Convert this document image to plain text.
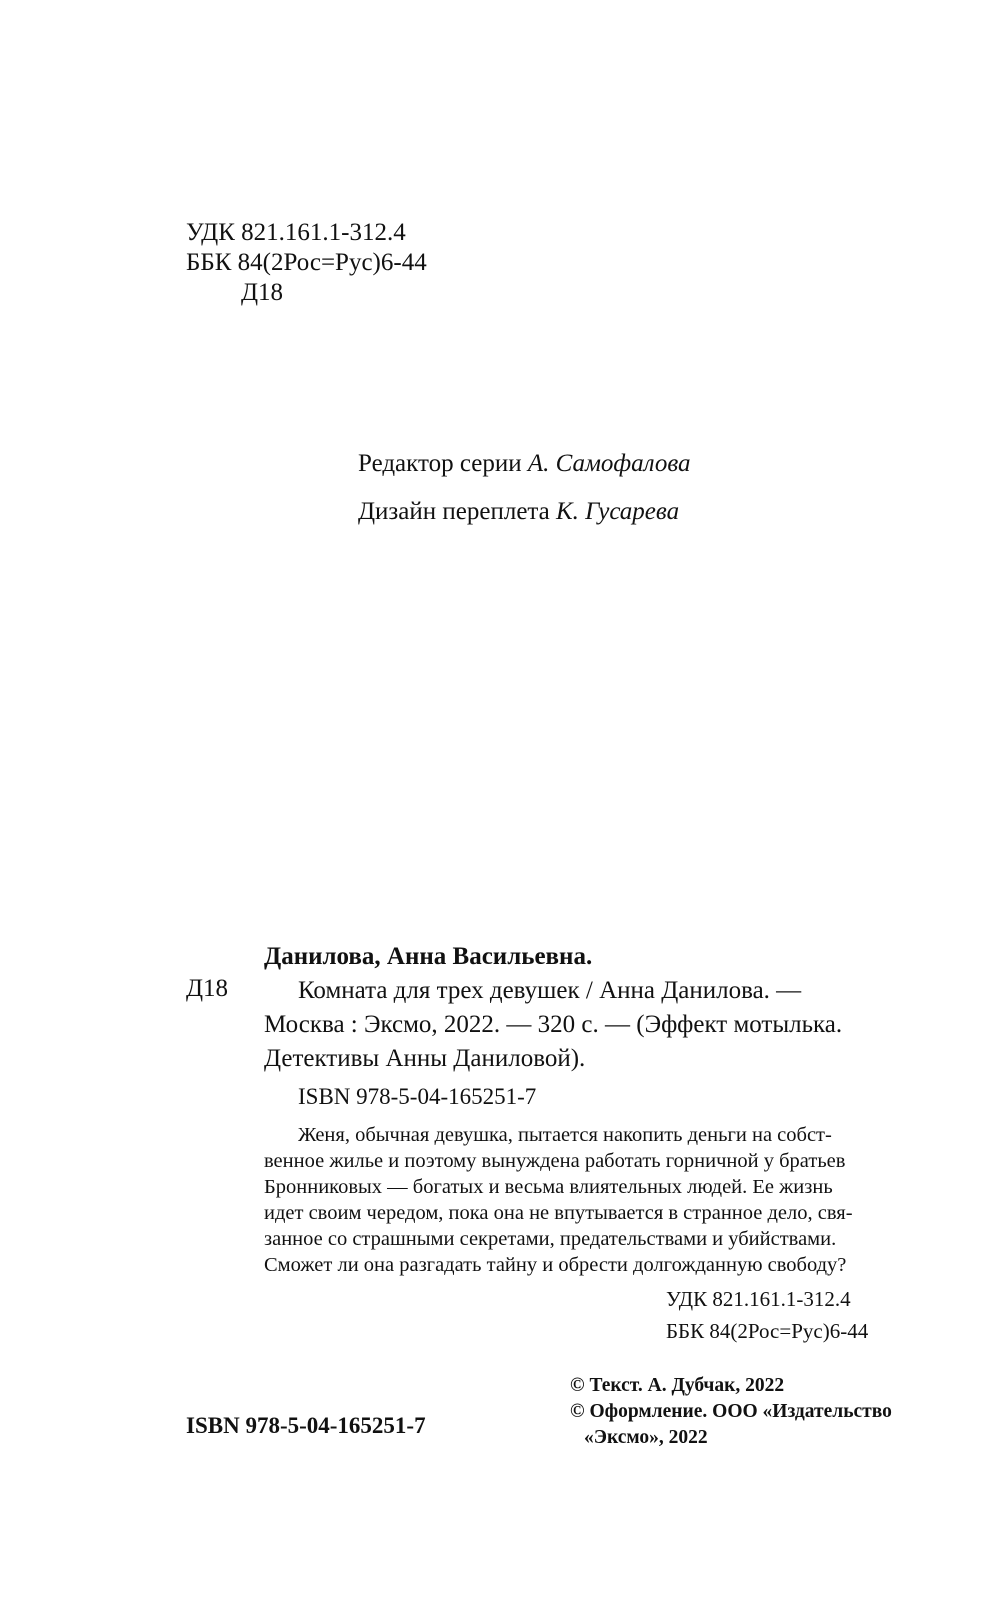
УДК 821.161.1-312.4
ББК 84(2Рос=Рус)6-44
Д18
Редактор серии А. Самофалова
Дизайн переплета К. Гусарева
Данилова, Анна Васильевна.
Д18	Комната для трех девушек / Анна Данилова. —
Москва : Эксмо, 2022. — 320 с. — (Эффект мотылька.
Детективы Анны Даниловой).
ISBN 978-5-04-165251-7
Женя, обычная девушка, пытается накопить деньги на собст-
венное жилье и поэтому вынуждена работать горничной у братьев
Бронниковых — богатых и весьма влиятельных людей. Ее жизнь
идет своим чередом, пока она не впутывается в странное дело, свя-
занное со страшными секретами, предательствами и убийствами.
Сможет ли она разгадать тайну и обрести долгожданную свободу?
УДК 821.161.1-312.4
ББК 84(2Рос=Рус)6-44
© Текст. А. Дубчак, 2022
© Оформление. ООО «Издательство
«Эксмо», 2022
ISBN 978-5-04-165251-7
